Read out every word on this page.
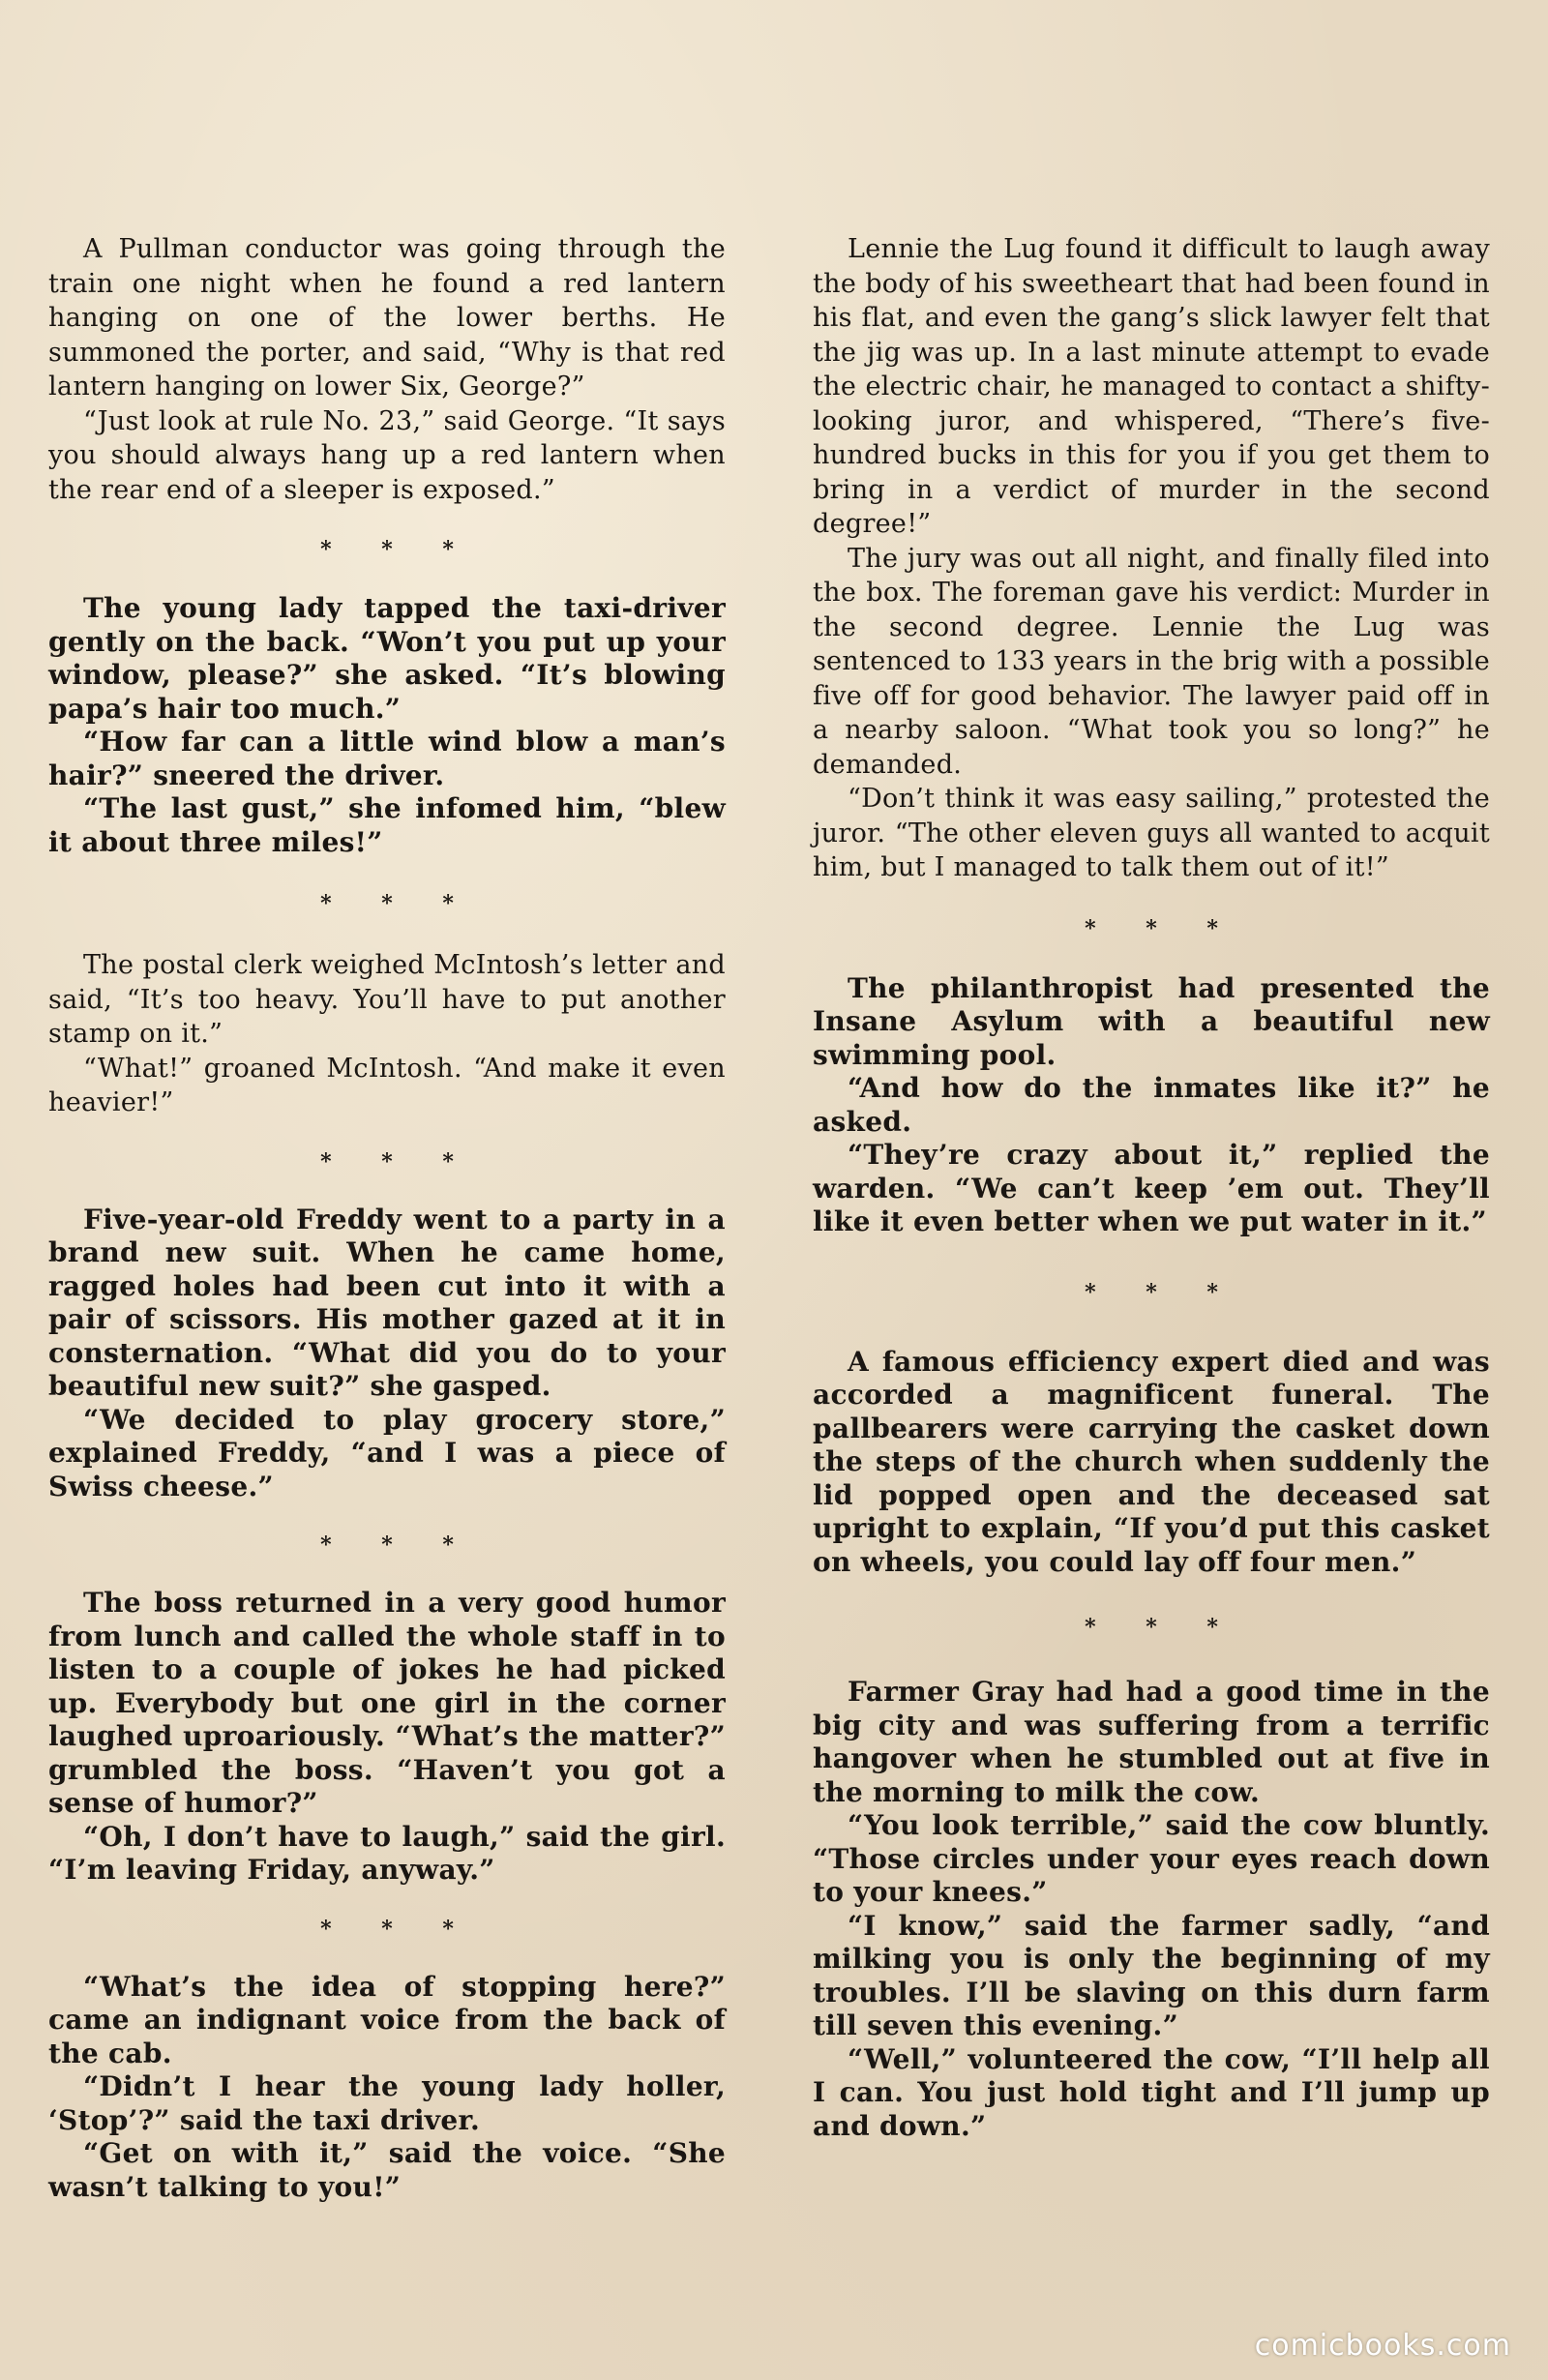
A Pullman conductor was going through the train one night when he found a red lantern hanging on one of the lower berths. He summoned the porter, and said, “Why is that red lantern hanging on lower Six, George?”

“Just look at rule No. 23,” said George. “It says you should always hang up a red lantern when the rear end of a sleeper is exposed.”

* * *

The young lady tapped the taxi-driver gently on the back. “Won’t you put up your window, please?” she asked. “It’s blowing papa’s hair too much.”

“How far can a little wind blow a man’s hair?” sneered the driver.

“The last gust,” she infomed him, “blew it about three miles!”

* * *

The postal clerk weighed McIntosh’s letter and said, “It’s too heavy. You’ll have to put another stamp on it.”

“What!” groaned McIntosh. “And make it even heavier!”

* * *

Five-year-old Freddy went to a party in a brand new suit. When he came home, ragged holes had been cut into it with a pair of scissors. His mother gazed at it in consternation. “What did you do to your beautiful new suit?” she gasped.

“We decided to play grocery store,” explained Freddy, “and I was a piece of Swiss cheese.”

* * *

The boss returned in a very good humor from lunch and called the whole staff in to listen to a couple of jokes he had picked up. Everybody but one girl in the corner laughed uproariously. “What’s the matter?” grumbled the boss. “Haven’t you got a sense of humor?”

“Oh, I don’t have to laugh,” said the girl. “I’m leaving Friday, anyway.”

* * *

“What’s the idea of stopping here?” came an indignant voice from the back of the cab.

“Didn’t I hear the young lady holler, ‘Stop’?” said the taxi driver.

“Get on with it,” said the voice. “She wasn’t talking to you!”

Lennie the Lug found it difficult to laugh away the body of his sweetheart that had been found in his flat, and even the gang’s slick lawyer felt that the jig was up. In a last minute attempt to evade the electric chair, he managed to contact a shifty-looking juror, and whispered, “There’s five-hundred bucks in this for you if you get them to bring in a verdict of murder in the second degree!”

The jury was out all night, and finally filed into the box. The foreman gave his verdict: Murder in the second degree. Lennie the Lug was sentenced to 133 years in the brig with a possible five off for good behavior. The lawyer paid off in a nearby saloon. “What took you so long?” he demanded.

“Don’t think it was easy sailing,” protested the juror. “The other eleven guys all wanted to acquit him, but I managed to talk them out of it!”

* * *

The philanthropist had presented the Insane Asylum with a beautiful new swimming pool.

“And how do the inmates like it?” he asked.

“They’re crazy about it,” replied the warden. “We can’t keep ’em out. They’ll like it even better when we put water in it.”

* * *

A famous efficiency expert died and was accorded a magnificent funeral. The pallbearers were carrying the casket down the steps of the church when suddenly the lid popped open and the deceased sat upright to explain, “If you’d put this casket on wheels, you could lay off four men.”

* * *

Farmer Gray had had a good time in the big city and was suffering from a terrific hangover when he stumbled out at five in the morning to milk the cow.

“You look terrible,” said the cow bluntly. “Those circles under your eyes reach down to your knees.”

“I know,” said the farmer sadly, “and milking you is only the beginning of my troubles. I’ll be slaving on this durn farm till seven this evening.”

“Well,” volunteered the cow, “I’ll help all I can. You just hold tight and I’ll jump up and down.”

comicbooks.com
